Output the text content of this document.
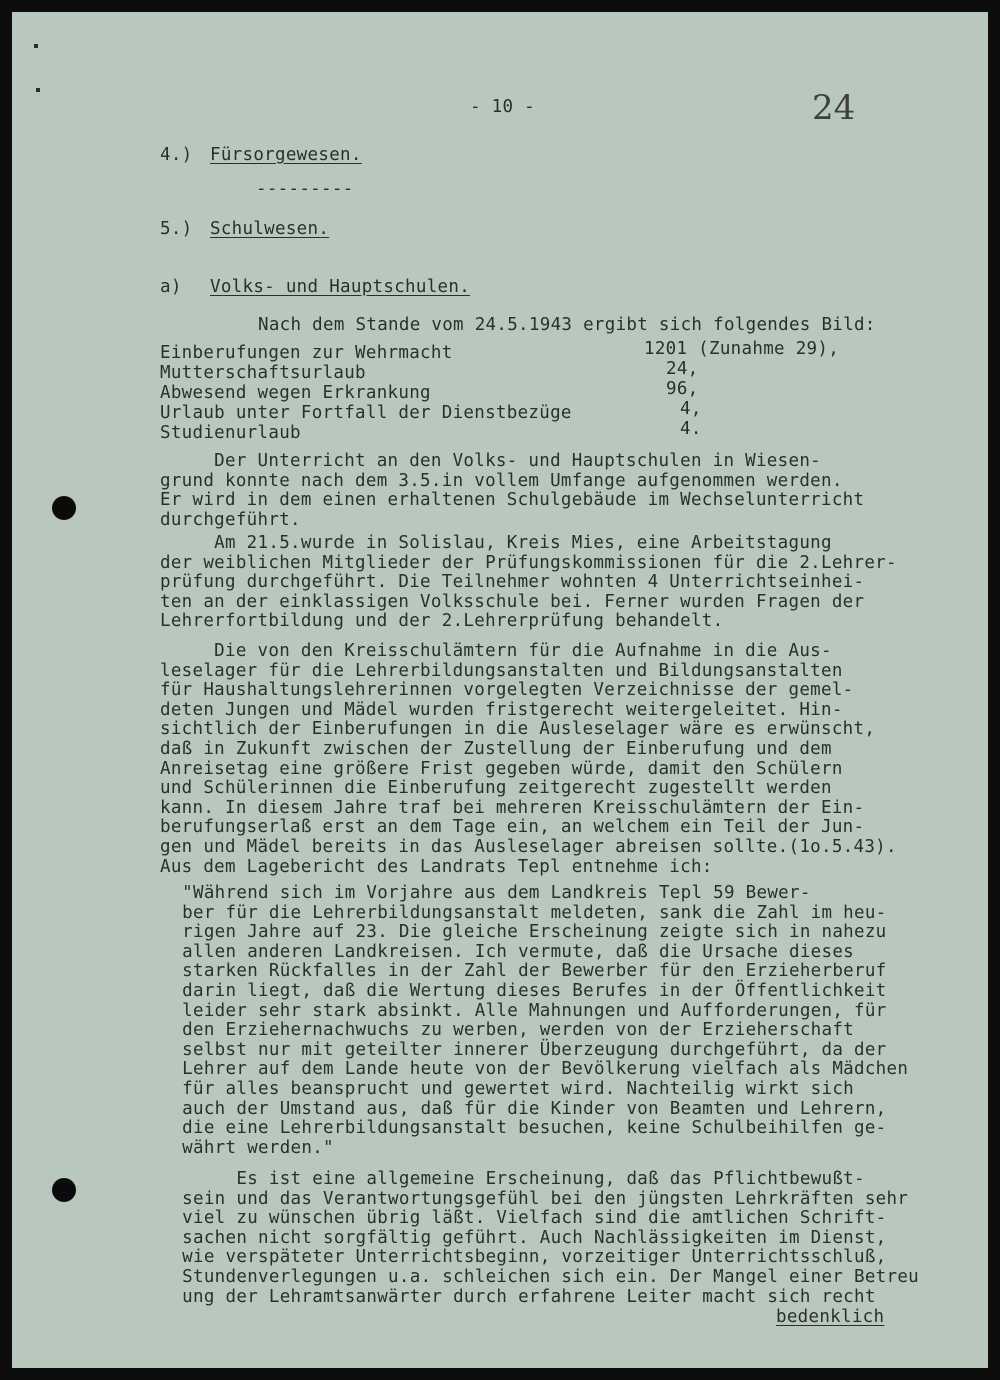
- 10 -	24
4.) Fürsorgewesen.
---------
5.) Schulwesen.
a) Volks- und Hauptschulen.
Nach dem Stande vom 24.5.1943 ergibt sich folgendes Bild:
Einberufungen zur Wehrmacht	1201 (Zunahme 29),
Mutterschaftsurlaub	24,
Abwesend wegen Erkrankung	96,
Urlaub unter Fortfall der Dienstbezüge	4,
Studienurlaub	4.
Der Unterricht an den Volks- und Hauptschulen in Wiesen-
grund konnte nach dem 3.5.in vollem Umfange aufgenommen werden.
Er wird in dem einen erhaltenen Schulgebäude im Wechselunterricht
durchgeführt.
Am 21.5.wurde in Solislau, Kreis Mies, eine Arbeitstagung
der weiblichen Mitglieder der Prüfungskommissionen für die 2.Lehrer-
prüfung durchgeführt. Die Teilnehmer wohnten 4 Unterrichtseinhei-
ten an der einklassigen Volksschule bei. Ferner wurden Fragen der
Lehrerfortbildung und der 2.Lehrerprüfung behandelt.
Die von den Kreisschulämtern für die Aufnahme in die Aus-
leselager für die Lehrerbildungsanstalten und Bildungsanstalten
für Haushaltungslehrerinnen vorgelegten Verzeichnisse der gemel-
deten Jungen und Mädel wurden fristgerecht weitergeleitet. Hin-
sichtlich der Einberufungen in die Ausleselager wäre es erwünscht,
daß in Zukunft zwischen der Zustellung der Einberufung und dem
Anreisetag eine größere Frist gegeben würde, damit den Schülern
und Schülerinnen die Einberufung zeitgerecht zugestellt werden
kann. In diesem Jahre traf bei mehreren Kreisschulämtern der Ein-
berufungserlaß erst an dem Tage ein, an welchem ein Teil der Jun-
gen und Mädel bereits in das Ausleselager abreisen sollte.(1o.5.43).
Aus dem Lagebericht des Landrats Tepl entnehme ich:
"Während sich im Vorjahre aus dem Landkreis Tepl 59 Bewer-
ber für die Lehrerbildungsanstalt meldeten, sank die Zahl im heu-
rigen Jahre auf 23. Die gleiche Erscheinung zeigte sich in nahezu
allen anderen Landkreisen. Ich vermute, daß die Ursache dieses
starken Rückfalles in der Zahl der Bewerber für den Erzieherberuf
darin liegt, daß die Wertung dieses Berufes in der Öffentlichkeit
leider sehr stark absinkt. Alle Mahnungen und Aufforderungen, für
den Erziehernachwuchs zu werben, werden von der Erzieherschaft
selbst nur mit geteilter innerer Überzeugung durchgeführt, da der
Lehrer auf dem Lande heute von der Bevölkerung vielfach als Mädchen
für alles beansprucht und gewertet wird. Nachteilig wirkt sich
auch der Umstand aus, daß für die Kinder von Beamten und Lehrern,
die eine Lehrerbildungsanstalt besuchen, keine Schulbeihilfen ge-
währt werden."
Es ist eine allgemeine Erscheinung, daß das Pflichtbewußt-
sein und das Verantwortungsgefühl bei den jüngsten Lehrkräften sehr
viel zu wünschen übrig läßt. Vielfach sind die amtlichen Schrift-
sachen nicht sorgfältig geführt. Auch Nachlässigkeiten im Dienst,
wie verspäteter Unterrichtsbeginn, vorzeitiger Unterrichtsschluß,
Stundenverlegungen u.a. schleichen sich ein. Der Mangel einer Betreu
ung der Lehramtsanwärter durch erfahrene Leiter macht sich recht
bedenklich
